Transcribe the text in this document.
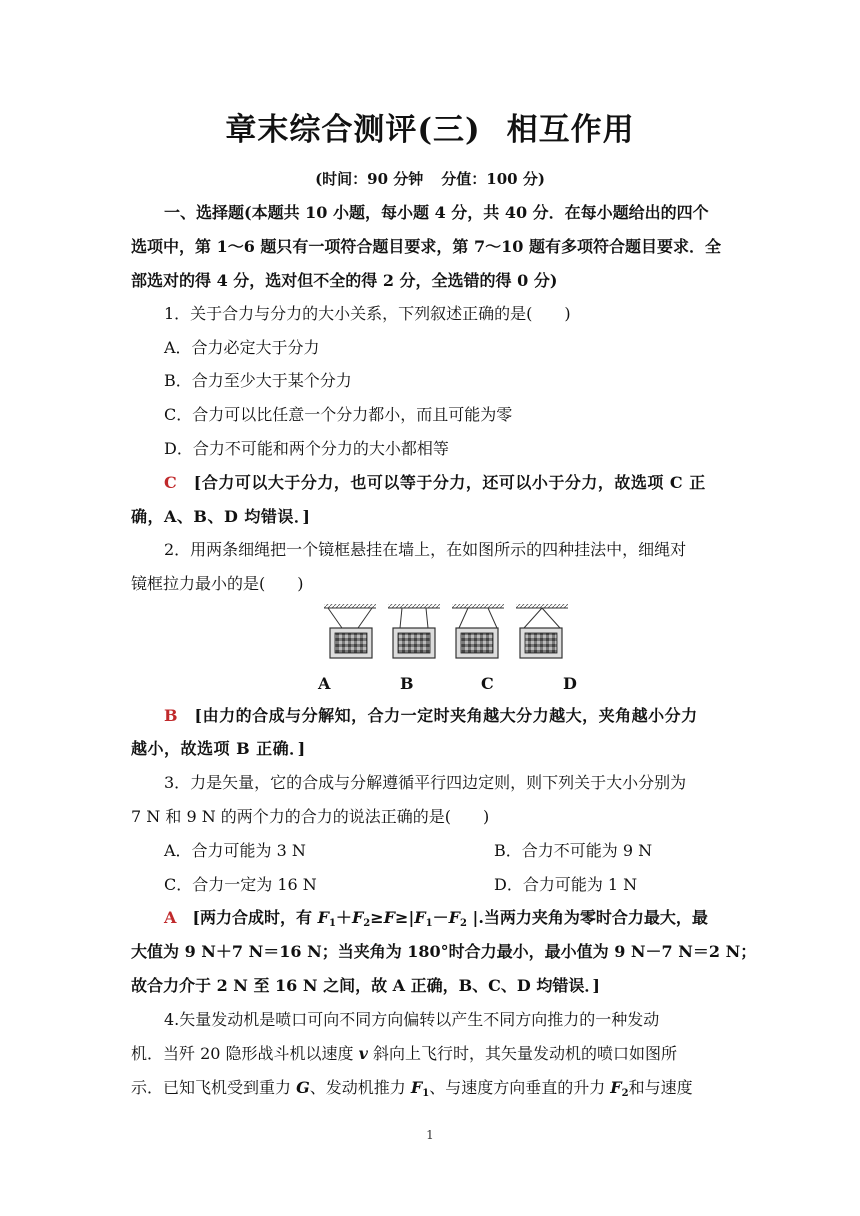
章末综合测评(三) 相互作用
(时间：90 分钟 分值：100 分)
一、选择题(本题共 10 小题，每小题 4 分，共 40 分．在每小题给出的四个
选项中，第 1～6 题只有一项符合题目要求，第 7～10 题有多项符合题目要求．全
部选对的得 4 分，选对但不全的得 2 分，全选错的得 0 分)
1．关于合力与分力的大小关系，下列叙述正确的是(　　)
A．合力必定大于分力
B．合力至少大于某个分力
C．合力可以比任意一个分力都小，而且可能为零
D．合力不可能和两个分力的大小都相等
C　 [合力可以大于分力，也可以等于分力，还可以小于分力，故选项 C 正
确，A、B、D 均错误．]
2．用两条细绳把一个镜框悬挂在墙上，在如图所示的四种挂法中，细绳对
镜框拉力最小的是(　　)
A	B	C	D
B　 [由力的合成与分解知，合力一定时夹角越大分力越大，夹角越小分力
越小，故选项 B 正确．]
3．力是矢量，它的合成与分解遵循平行四边定则，则下列关于大小分别为
7 N 和 9 N 的两个力的合力的说法正确的是(　　)
A．合力可能为 3 N	B．合力不可能为 9 N
C．合力一定为 16 N	D．合力可能为 1 N
A　 [两力合成时，有 $F_1+F_2\ge F\ge|F_1-F_2$ |.当两力夹角为零时合力最大，最
大值为 9 N＋7 N＝16 N；当夹角为 180°时合力最小，最小值为 9 N－7 N＝2 N；
故合力介于 2 N 至 16 N 之间，故 A 正确，B、C、D 均错误．]
4.矢量发动机是喷口可向不同方向偏转以产生不同方向推力的一种发动
机．当歼 20 隐形战斗机以速度 v 斜向上飞行时，其矢量发动机的喷口如图所
示．已知飞机受到重力 G、发动机推力 $F_1$、与速度方向垂直的升力 $F_2$和与速度
1
